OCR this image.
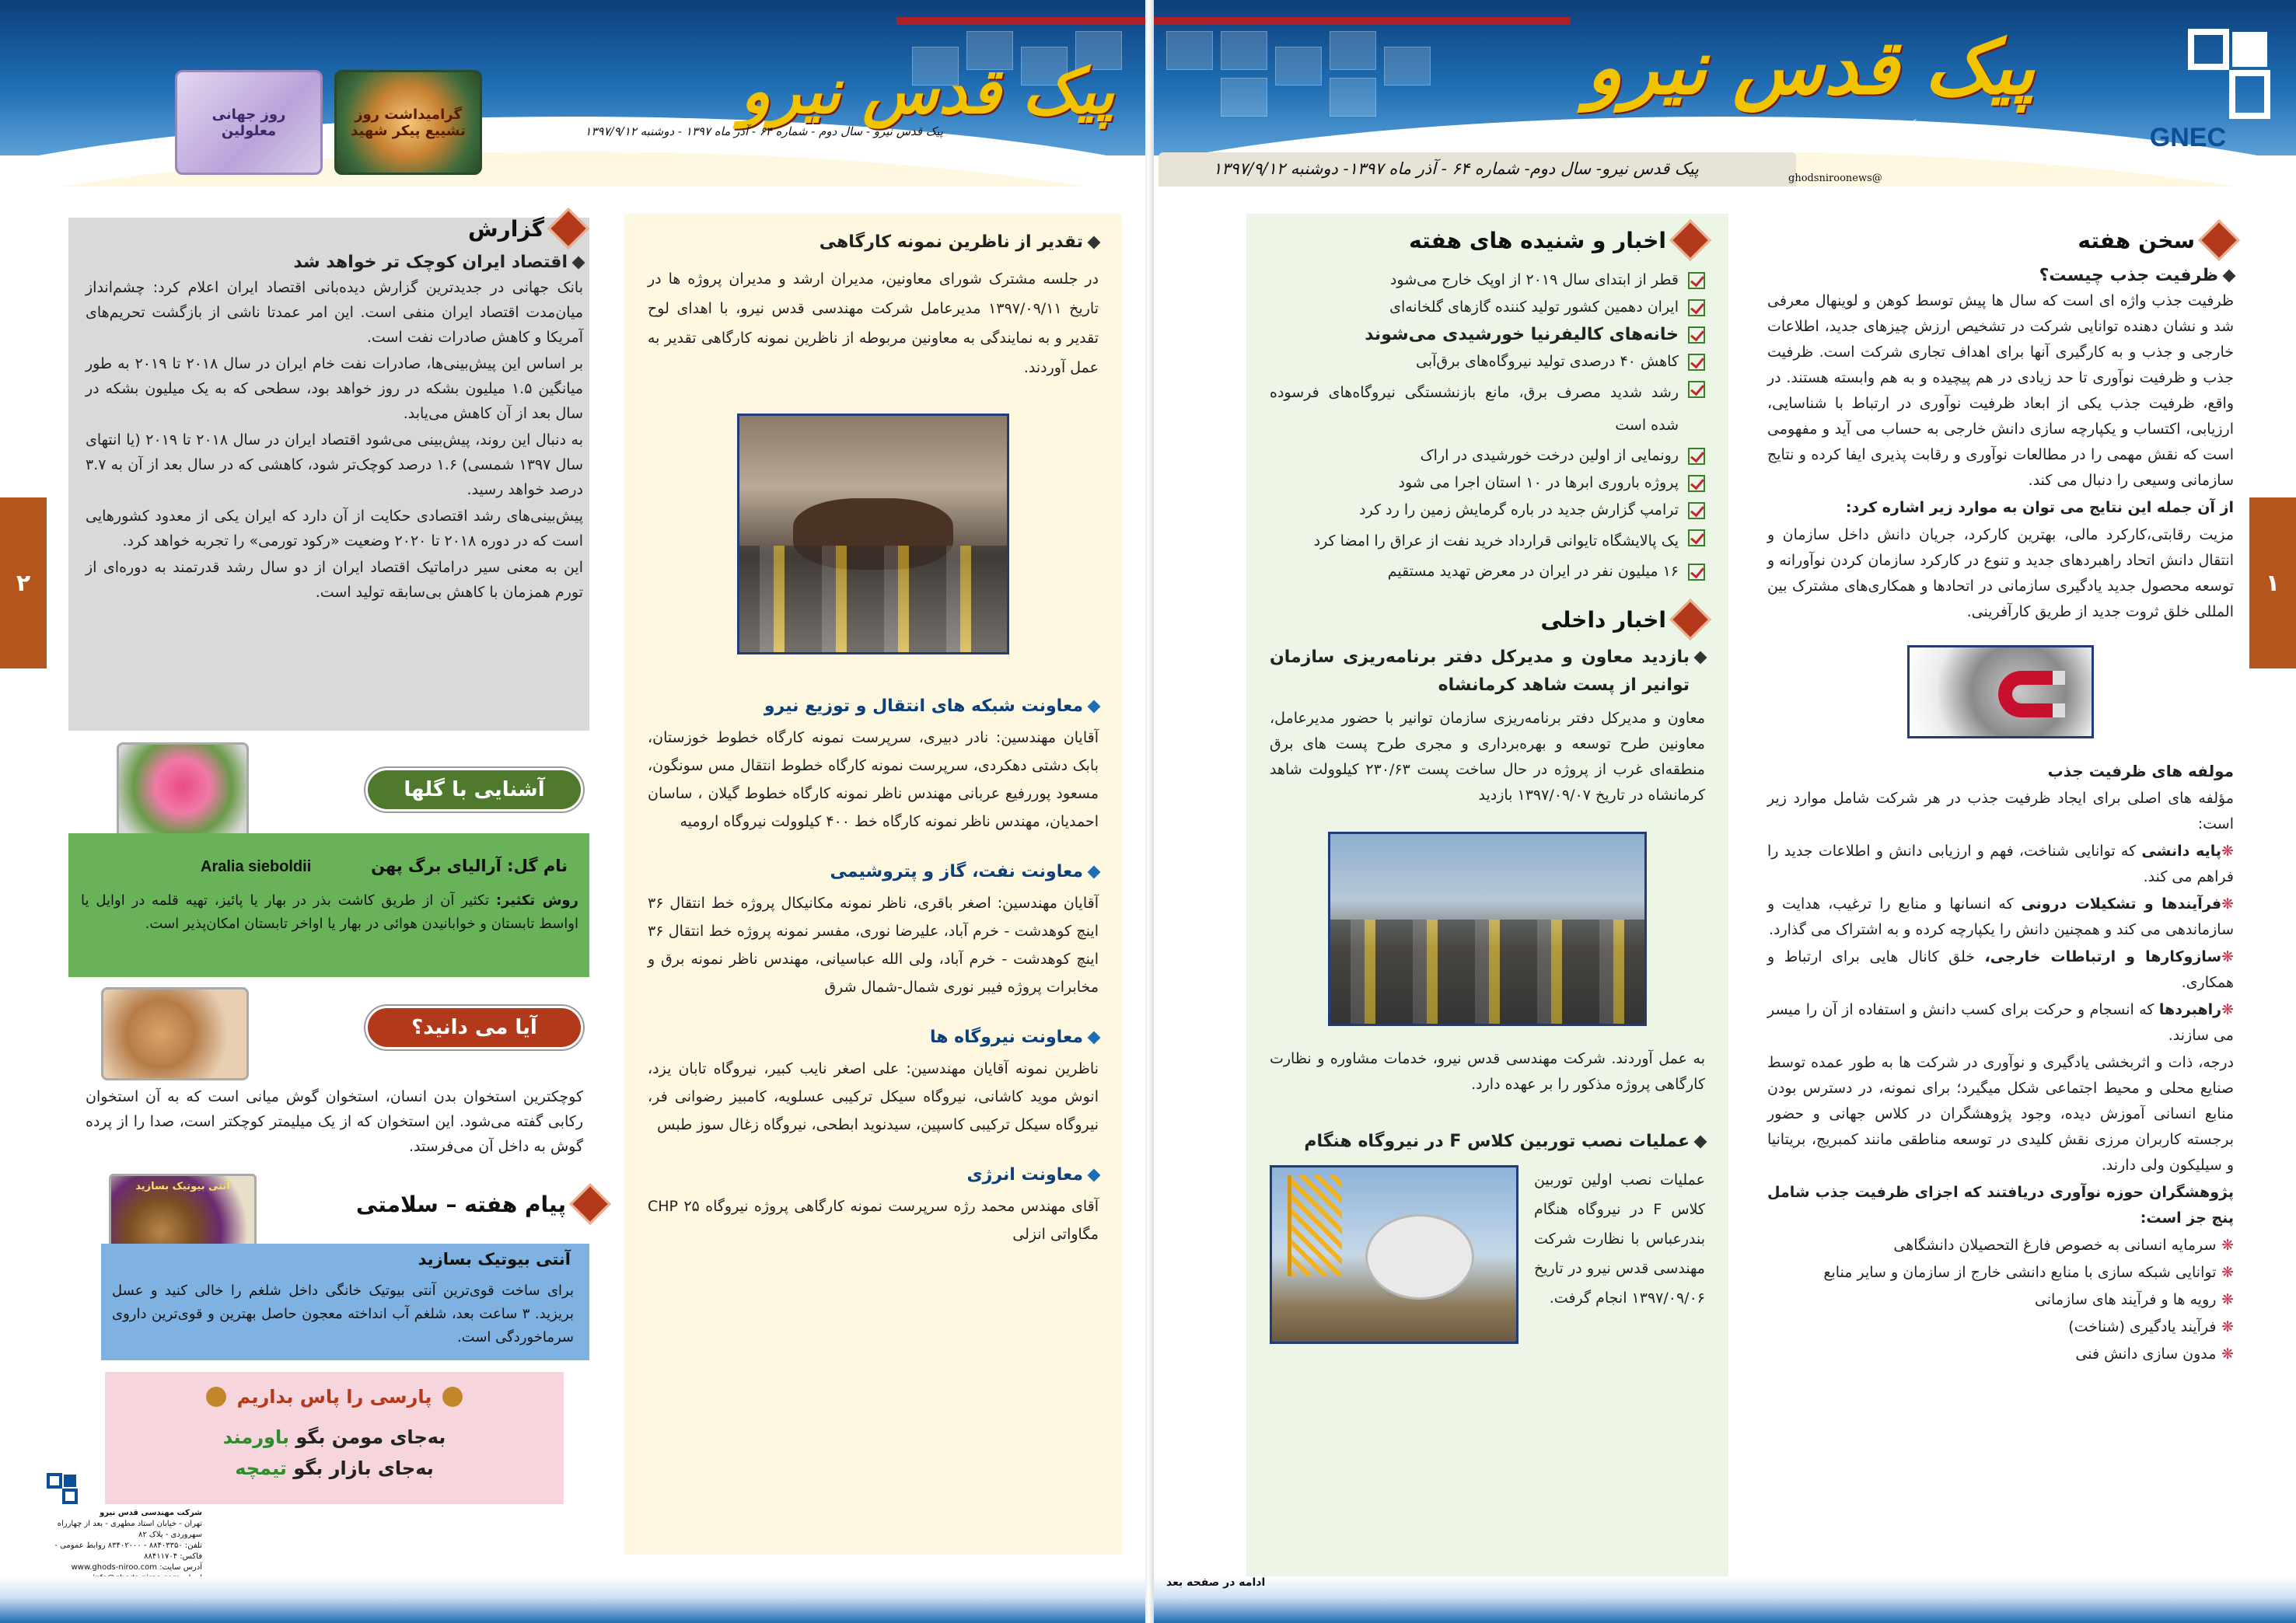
پیک قدس نیرو
⚡⌂♨⚑⛭	GNEC
پیک قدس نیرو- سال دوم- شماره ۶۴ - آذر ماه ۱۳۹۷- دوشنبه ۱۳۹۷/۹/۱۲
@ghodsniroonews
۱
سخن هفته
ظرفیت جذب چیست؟

ظرفیت جذب واژه ای است که سال ها پیش توسط کوهن و لوینهال معرفی شد و نشان دهنده توانایی شرکت در تشخیص ارزش چیزهای جدید، اطلاعات خارجی و جذب و به کارگیری آنها برای اهداف تجاری شرکت است. ظرفیت جذب و ظرفیت نوآوری تا حد زیادی در هم پیچیده و به هم وابسته هستند. در واقع، ظرفیت جذب یکی از ابعاد ظرفیت نوآوری در ارتباط با شناسایی، ارزیابی، اکتساب و یکپارچه سازی دانش خارجی به حساب می آید و مفهومی است که نقش مهمی را در مطالعات نوآوری و رقابت پذیری ایفا کرده و نتایج سازمانی وسیعی را دنبال می کند.

از آن جمله این نتایج می توان به موارد زیر اشاره کرد:

مزیت رقابتی،کارکرد مالی، بهترین کارکرد، جریان دانش داخل سازمان و انتقال دانش اتحاد راهبردهای جدید و تنوع در کارکرد سازمان کردن نوآورانه و توسعه محصول جدید یادگیری سازمانی در اتحادها و همکاری‌های مشترک بین المللی خلق ثروت جدید از طریق کارآفرینی.

مولفه های ظرفیت جذب

مؤلفه های اصلی برای ایجاد ظرفیت جذب در هر شرکت شامل موارد زیر است:

❋پایه دانشی که توانایی شناخت، فهم و ارزیابی دانش و اطلاعات جدید را فراهم می کند.

❋فرآیندها و تشکیلات درونی که انسانها و منابع را ترغیب، هدایت و سازماندهی می کند و همچنین دانش را یکپارچه کرده و به اشتراک می گذارد.

❋سازوکارها و ارتباطات خارجی، خلق کانال هایی برای ارتباط و همکاری.

❋راهبردها که انسجام و حرکت برای کسب دانش و استفاده از آن را میسر می سازند.

درجه، ذات و اثربخشی یادگیری و نوآوری در شرکت ها به طور عمده توسط صنایع محلی و محیط اجتماعی شکل میگیرد؛ برای نمونه، در دسترس بودن منابع انسانی آموزش دیده، وجود پژوهشگران در کلاس جهانی و حضور برجسته کاربران مرزی نقش کلیدی در توسعه مناطقی مانند کمبریج، بریتانیا و سیلیکون ولی دارند.

پژوهشگران حوزه نوآوری دریافتند که اجزای ظرفیت جذب شامل پنج جز است:

❋ سرمایه انسانی به خصوص فارغ التحصیلان دانشگاهی

❋ توانایی شبکه سازی با منابع دانشی خارج از سازمان و سایر منابع

❋ رویه ها و فرآیند های سازمانی

❋ فرآیند یادگیری (شناخت)

❋ مدون سازی دانش فنی

اخبار و شنیده های هفته
قطر از ابتدای سال ۲۰۱۹ از اوپک خارج می‌شود
ایران دهمین کشور تولید کننده گازهای گلخانه‌ای
خانه‌های کالیفرنیا خورشیدی می‌شوند
کاهش ۴۰ درصدی تولید نیروگاه‌های برق‌آبی
رشد شدید مصرف برق، مانع بازنشستگی نیروگاه‌های فرسوده شده است
رونمایی از اولین درخت خورشیدی در اراک
پروژه باروری ابرها در ۱۰ استان اجرا می شود
ترامپ گزارش جدید در باره گرمایش زمین را رد کرد
یک پالایشگاه تایوانی قرارداد خرید نفت از عراق را امضا کرد
۱۶ میلیون نفر در ایران در معرض تهدید مستقیم
اخبار داخلی
بازدید معاون و مدیرکل دفتر برنامه‌ریزی سازمان توانیر از پست شاهد کرمانشاه

معاون و مدیرکل دفتر برنامه‌ریزی سازمان توانیر با حضور مدیرعامل، معاونین طرح توسعه و بهره‌برداری و مجری طرح پست های برق منطقه‌ای غرب از پروژه در حال ساخت پست ۲۳۰/۶۳ کیلوولت شاهد کرمانشاه در تاریخ ۱۳۹۷/۰۹/۰۷ بازدید

به عمل آوردند. شرکت مهندسی قدس نیرو، خدمات مشاوره و نظارت کارگاهی پروژه مذکور را بر عهده دارد.

عملیات نصب توربین کلاس F در نیروگاه هنگام

عملیات نصب اولین توربین کلاس F در نیروگاه هنگام بندرعباس با نظارت شرکت مهندسی قدس نیرو در تاریخ ۱۳۹۷/۰۹/۰۶ انجام گرفت.

ادامه در صفحه بعد
پیک قدس نیرو
پیک قدس نیرو - سال دوم - شماره ۶۴ - آذر ماه ۱۳۹۷ - دوشنبه ۱۳۹۷/۹/۱۲
گرامیداشت روز تشییع پیکر شهید
روز جهانی معلولین
۲
تقدیر از ناظرین نمونه کارگاهی

در جلسه مشترک شورای معاونین، مدیران ارشد و مدیران پروژه ها در تاریخ ۱۳۹۷/۰۹/۱۱ مدیرعامل شرکت مهندسی قدس نیرو، با اهدای لوح تقدیر و به نمایندگی به معاونین مربوطه از ناظرین نمونه کارگاهی تقدیر به عمل آوردند.

معاونت شبکه های انتقال و توزیع نیرو

آقایان مهندسین: نادر دبیری، سرپرست نمونه کارگاه خطوط خوزستان، بابک دشتی دهکردی، سرپرست نمونه کارگاه خطوط انتقال مس سونگون، مسعود پوررفیع عربانی مهندس ناظر نمونه کارگاه خطوط گیلان ، ساسان احمدیان، مهندس ناظر نمونه کارگاه خط ۴۰۰ کیلوولت نیروگاه ارومیه

معاونت نفت، گاز و پتروشیمی

آقایان مهندسین: اصغر باقری، ناظر نمونه مکانیکال پروژه خط انتقال ۳۶ اینچ کوهدشت - خرم آباد، علیرضا نوری، مفسر نمونه پروژه خط انتقال ۳۶ اینچ کوهدشت - خرم آباد، ولی الله عباسیانی، مهندس ناظر نمونه برق و مخابرات پروژه فیبر نوری شمال-شمال شرق

معاونت نیروگاه ها

ناظرین نمونه آقایان مهندسین: علی اصغر نایب کبیر، نیروگاه تابان یزد، انوش موید کاشانی، نیروگاه سیکل ترکیبی عسلویه، کامبیز رضوانی فر، نیروگاه سیکل ترکیبی کاسپین، سیدنوید ابطحی، نیروگاه زغال سوز طبس

معاونت انرژی

آقای مهندس محمد رژه سرپرست نمونه کارگاهی پروژه نیروگاه CHP ۲۵ مگاواتی انزلی

گزارش
اقتصاد ایران کوچک تر خواهد شد

بانک جهانی در جدیدترین گزارش دیده‌بانی اقتصاد ایران اعلام کرد: چشم‌انداز میان‌مدت اقتصاد ایران منفی است. این امر عمدتا ناشی از بازگشت تحریم‌های آمریکا و کاهش صادرات نفت است.

بر اساس این پیش‌بینی‌ها، صادرات نفت خام ایران در سال ۲۰۱۸ تا ۲۰۱۹ به طور میانگین ۱.۵ میلیون بشکه در روز خواهد بود، سطحی که به یک میلیون بشکه در سال بعد از آن کاهش می‌یابد.

به دنبال این روند، پیش‌بینی می‌شود اقتصاد ایران در سال ۲۰۱۸ تا ۲۰۱۹ (یا انتهای سال ۱۳۹۷ شمسی) ۱.۶ درصد کوچک‌تر شود، کاهشی که در سال بعد از آن به ۳.۷ درصد خواهد رسید.

پیش‌بینی‌های رشد اقتصادی حکایت از آن دارد که ایران یکی از معدود کشورهایی است که در دوره ۲۰۱۸ تا ۲۰۲۰ وضعیت «رکود تورمی» را تجربه خواهد کرد.

این به معنی سیر دراماتیک اقتصاد ایران از دو سال رشد قدرتمند به دوره‌ای از تورم همزمان با کاهش بی‌سابقه تولید است.

آشنایی با گلها
Aralia sieboldii	نام گل: آرالیای برگ پهن
روش تکثیر: تکثیر آن از طریق کاشت بذر در بهار یا پائیز، تهیه قلمه در اوایل یا اواسط تابستان و خوابانیدن هوائی در بهار یا اواخر تابستان امکان‌پذیر است.
آیا می دانید؟
کوچکترین استخوان بدن انسان، استخوان گوش میانی است که به آن استخوان رکابی گفته می‌شود. این استخوان که از یک میلیمتر کوچکتر است، صدا را از پرده گوش به داخل آن می‌فرستد.
آنتی بیوتیک بسازید
پیام هفته – سلامتی
آنتی بیوتیک بسازید
برای ساخت قوی‌ترین آنتی بیوتیک خانگی داخل شلغم را خالی کنید و عسل بریزید. ۳ ساعت بعد، شلغم آب انداخته معجون حاصل بهترین و قوی‌ترین داروی سرماخوردگی است.
پارسی را پاس بداریم
به‌جای مومن بگو باورمند
به‌جای بازار بگو تیمچه
شرکت مهندسی قدس نیرو
تهران - خیابان استاد مطهری - بعد از چهارراه سهروردی - پلاک ۸۲
تلفن: ۸۸۴۰۳۳۵۰ - ۸۳۴۰۲۰۰۰ روابط عمومی - فاکس: ۸۸۴۱۱۷۰۴
آدرس سایت: www.ghods-niroo.com
